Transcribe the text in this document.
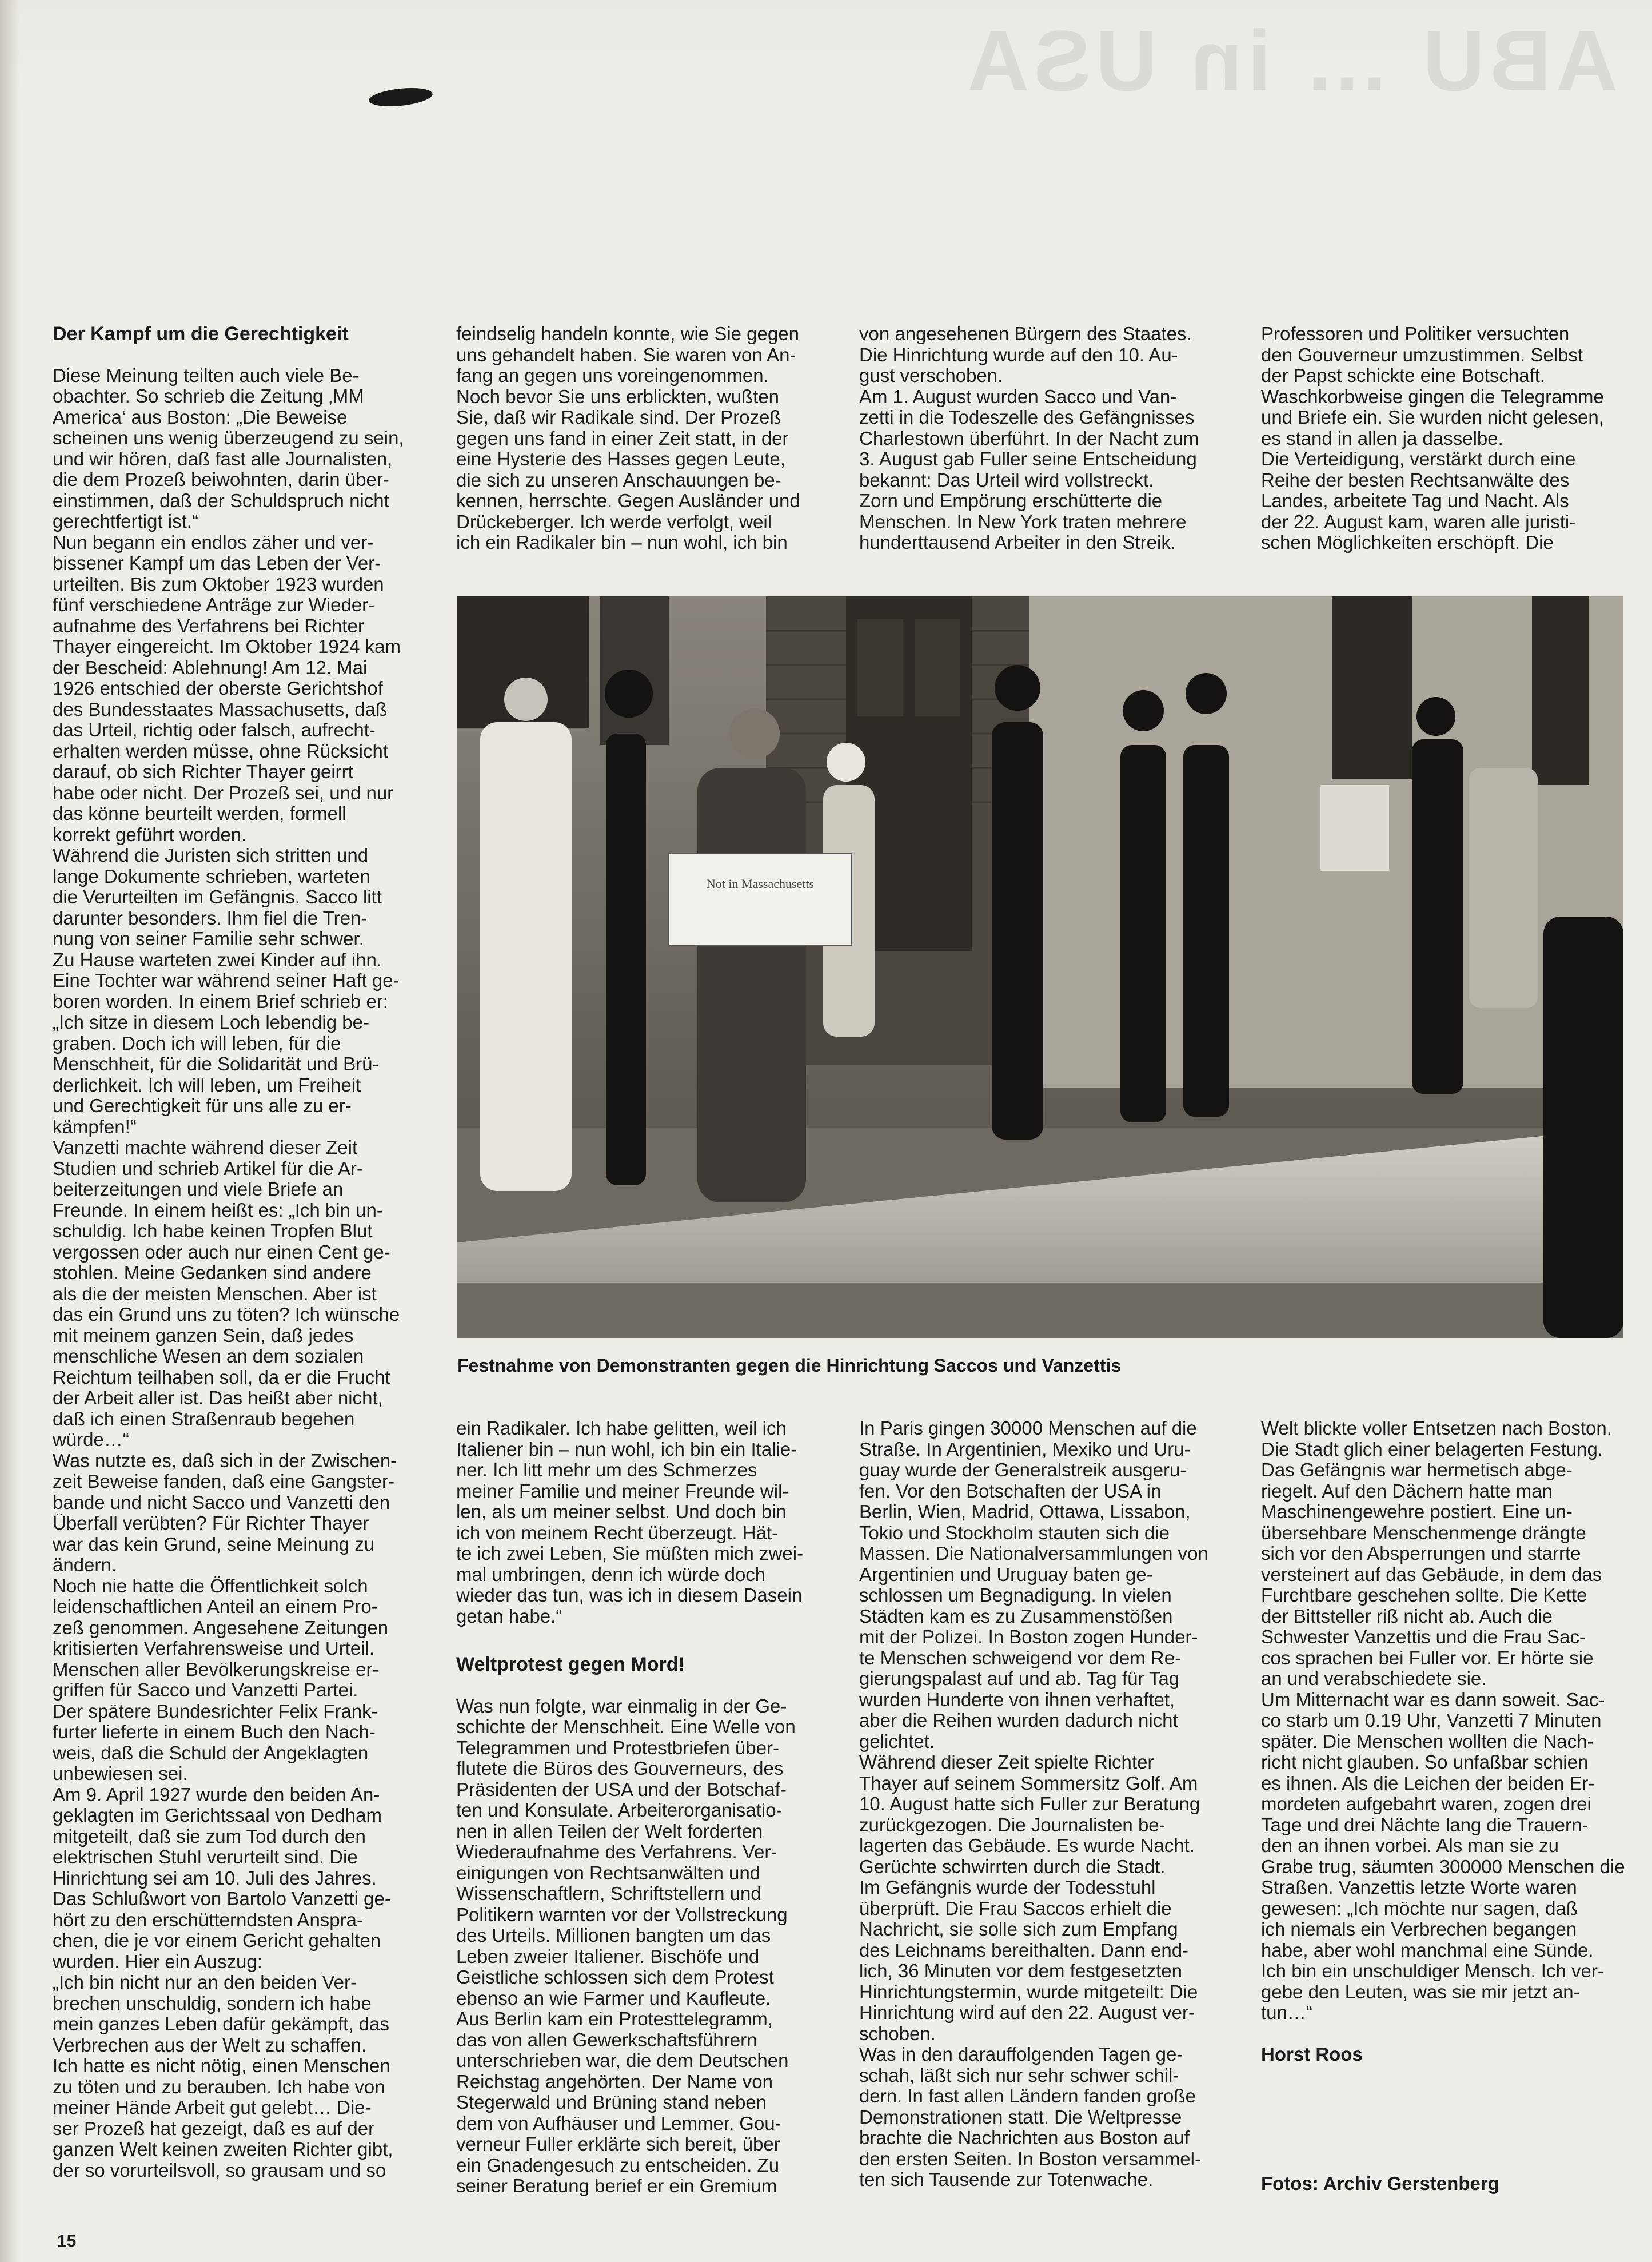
ABU … in USA
Der Kampf um die Gerechtigkeit

Diese Meinung teilten auch viele Be-
obachter. So schrieb die Zeitung ‚MM
America‘ aus Boston: „Die Beweise
scheinen uns wenig überzeugend zu sein,
und wir hören, daß fast alle Journalisten,
die dem Prozeß beiwohnten, darin über-
einstimmen, daß der Schuldspruch nicht
gerechtfertigt ist.“
Nun begann ein endlos zäher und ver-
bissener Kampf um das Leben der Ver-
urteilten. Bis zum Oktober 1923 wurden
fünf verschiedene Anträge zur Wieder-
aufnahme des Verfahrens bei Richter
Thayer eingereicht. Im Oktober 1924 kam
der Bescheid: Ablehnung! Am 12. Mai
1926 entschied der oberste Gerichtshof
des Bundesstaates Massachusetts, daß
das Urteil, richtig oder falsch, aufrecht-
erhalten werden müsse, ohne Rücksicht
darauf, ob sich Richter Thayer geirrt
habe oder nicht. Der Prozeß sei, und nur
das könne beurteilt werden, formell
korrekt geführt worden.
Während die Juristen sich stritten und
lange Dokumente schrieben, warteten
die Verurteilten im Gefängnis. Sacco litt
darunter besonders. Ihm fiel die Tren-
nung von seiner Familie sehr schwer.
Zu Hause warteten zwei Kinder auf ihn.
Eine Tochter war während seiner Haft ge-
boren worden. In einem Brief schrieb er:
„Ich sitze in diesem Loch lebendig be-
graben. Doch ich will leben, für die
Menschheit, für die Solidarität und Brü-
derlichkeit. Ich will leben, um Freiheit
und Gerechtigkeit für uns alle zu er-
kämpfen!“
Vanzetti machte während dieser Zeit
Studien und schrieb Artikel für die Ar-
beiterzeitungen und viele Briefe an
Freunde. In einem heißt es: „Ich bin un-
schuldig. Ich habe keinen Tropfen Blut
vergossen oder auch nur einen Cent ge-
stohlen. Meine Gedanken sind andere
als die der meisten Menschen. Aber ist
das ein Grund uns zu töten? Ich wünsche
mit meinem ganzen Sein, daß jedes
menschliche Wesen an dem sozialen
Reichtum teilhaben soll, da er die Frucht
der Arbeit aller ist. Das heißt aber nicht,
daß ich einen Straßenraub begehen
würde…“
Was nutzte es, daß sich in der Zwischen-
zeit Beweise fanden, daß eine Gangster-
bande und nicht Sacco und Vanzetti den
Überfall verübten? Für Richter Thayer
war das kein Grund, seine Meinung zu
ändern.
Noch nie hatte die Öffentlichkeit solch
leidenschaftlichen Anteil an einem Pro-
zeß genommen. Angesehene Zeitungen
kritisierten Verfahrensweise und Urteil.
Menschen aller Bevölkerungskreise er-
griffen für Sacco und Vanzetti Partei.
Der spätere Bundesrichter Felix Frank-
furter lieferte in einem Buch den Nach-
weis, daß die Schuld der Angeklagten
unbewiesen sei.
Am 9. April 1927 wurde den beiden An-
geklagten im Gerichtssaal von Dedham
mitgeteilt, daß sie zum Tod durch den
elektrischen Stuhl verurteilt sind. Die
Hinrichtung sei am 10. Juli des Jahres.
Das Schlußwort von Bartolo Vanzetti ge-
hört zu den erschütterndsten Anspra-
chen, die je vor einem Gericht gehalten
wurden. Hier ein Auszug:
„Ich bin nicht nur an den beiden Ver-
brechen unschuldig, sondern ich habe
mein ganzes Leben dafür gekämpft, das
Verbrechen aus der Welt zu schaffen.
Ich hatte es nicht nötig, einen Menschen
zu töten und zu berauben. Ich habe von
meiner Hände Arbeit gut gelebt… Die-
ser Prozeß hat gezeigt, daß es auf der
ganzen Welt keinen zweiten Richter gibt,
der so vorurteilsvoll, so grausam und so

feindselig handeln konnte, wie Sie gegen
uns gehandelt haben. Sie waren von An-
fang an gegen uns voreingenommen.
Noch bevor Sie uns erblickten, wußten
Sie, daß wir Radikale sind. Der Prozeß
gegen uns fand in einer Zeit statt, in der
eine Hysterie des Hasses gegen Leute,
die sich zu unseren Anschauungen be-
kennen, herrschte. Gegen Ausländer und
Drückeberger. Ich werde verfolgt, weil
ich ein Radikaler bin – nun wohl, ich bin

von angesehenen Bürgern des Staates.
Die Hinrichtung wurde auf den 10. Au-
gust verschoben.
Am 1. August wurden Sacco und Van-
zetti in die Todeszelle des Gefängnisses
Charlestown überführt. In der Nacht zum
3. August gab Fuller seine Entscheidung
bekannt: Das Urteil wird vollstreckt.
Zorn und Empörung erschütterte die
Menschen. In New York traten mehrere
hunderttausend Arbeiter in den Streik.

Professoren und Politiker versuchten
den Gouverneur umzustimmen. Selbst
der Papst schickte eine Botschaft.
Waschkorbweise gingen die Telegramme
und Briefe ein. Sie wurden nicht gelesen,
es stand in allen ja dasselbe.
Die Verteidigung, verstärkt durch eine
Reihe der besten Rechtsanwälte des
Landes, arbeitete Tag und Nacht. Als
der 22. August kam, waren alle juristi-
schen Möglichkeiten erschöpft. Die

Not in Massachusetts
Festnahme von Demonstranten gegen die Hinrichtung Saccos und Vanzettis

ein Radikaler. Ich habe gelitten, weil ich
Italiener bin – nun wohl, ich bin ein Italie-
ner. Ich litt mehr um des Schmerzes
meiner Familie und meiner Freunde wil-
len, als um meiner selbst. Und doch bin
ich von meinem Recht überzeugt. Hät-
te ich zwei Leben, Sie müßten mich zwei-
mal umbringen, denn ich würde doch
wieder das tun, was ich in diesem Dasein
getan habe.“

Weltprotest gegen Mord!

Was nun folgte, war einmalig in der Ge-
schichte der Menschheit. Eine Welle von
Telegrammen und Protestbriefen über-
flutete die Büros des Gouverneurs, des
Präsidenten der USA und der Botschaf-
ten und Konsulate. Arbeiterorganisatio-
nen in allen Teilen der Welt forderten
Wiederaufnahme des Verfahrens. Ver-
einigungen von Rechtsanwälten und
Wissenschaftlern, Schriftstellern und
Politikern warnten vor der Vollstreckung
des Urteils. Millionen bangten um das
Leben zweier Italiener. Bischöfe und
Geistliche schlossen sich dem Protest
ebenso an wie Farmer und Kaufleute.
Aus Berlin kam ein Protesttelegramm,
das von allen Gewerkschaftsführern
unterschrieben war, die dem Deutschen
Reichstag angehörten. Der Name von
Stegerwald und Brüning stand neben
dem von Aufhäuser und Lemmer. Gou-
verneur Fuller erklärte sich bereit, über
ein Gnadengesuch zu entscheiden. Zu
seiner Beratung berief er ein Gremium

In Paris gingen 30000 Menschen auf die
Straße. In Argentinien, Mexiko und Uru-
guay wurde der Generalstreik ausgeru-
fen. Vor den Botschaften der USA in
Berlin, Wien, Madrid, Ottawa, Lissabon,
Tokio und Stockholm stauten sich die
Massen. Die Nationalversammlungen von
Argentinien und Uruguay baten ge-
schlossen um Begnadigung. In vielen
Städten kam es zu Zusammenstößen
mit der Polizei. In Boston zogen Hunder-
te Menschen schweigend vor dem Re-
gierungspalast auf und ab. Tag für Tag
wurden Hunderte von ihnen verhaftet,
aber die Reihen wurden dadurch nicht
gelichtet.
Während dieser Zeit spielte Richter
Thayer auf seinem Sommersitz Golf. Am
10. August hatte sich Fuller zur Beratung
zurückgezogen. Die Journalisten be-
lagerten das Gebäude. Es wurde Nacht.
Gerüchte schwirrten durch die Stadt.
Im Gefängnis wurde der Todesstuhl
überprüft. Die Frau Saccos erhielt die
Nachricht, sie solle sich zum Empfang
des Leichnams bereithalten. Dann end-
lich, 36 Minuten vor dem festgesetzten
Hinrichtungstermin, wurde mitgeteilt: Die
Hinrichtung wird auf den 22. August ver-
schoben.
Was in den darauffolgenden Tagen ge-
schah, läßt sich nur sehr schwer schil-
dern. In fast allen Ländern fanden große
Demonstrationen statt. Die Weltpresse
brachte die Nachrichten aus Boston auf
den ersten Seiten. In Boston versammel-
ten sich Tausende zur Totenwache.

Welt blickte voller Entsetzen nach Boston.
Die Stadt glich einer belagerten Festung.
Das Gefängnis war hermetisch abge-
riegelt. Auf den Dächern hatte man
Maschinengewehre postiert. Eine un-
übersehbare Menschenmenge drängte
sich vor den Absperrungen und starrte
versteinert auf das Gebäude, in dem das
Furchtbare geschehen sollte. Die Kette
der Bittsteller riß nicht ab. Auch die
Schwester Vanzettis und die Frau Sac-
cos sprachen bei Fuller vor. Er hörte sie
an und verabschiedete sie.
Um Mitternacht war es dann soweit. Sac-
co starb um 0.19 Uhr, Vanzetti 7 Minuten
später. Die Menschen wollten die Nach-
richt nicht glauben. So unfaßbar schien
es ihnen. Als die Leichen der beiden Er-
mordeten aufgebahrt waren, zogen drei
Tage und drei Nächte lang die Trauern-
den an ihnen vorbei. Als man sie zu
Grabe trug, säumten 300000 Menschen die
Straßen. Vanzettis letzte Worte waren
gewesen: „Ich möchte nur sagen, daß
ich niemals ein Verbrechen begangen
habe, aber wohl manchmal eine Sünde.
Ich bin ein unschuldiger Mensch. Ich ver-
gebe den Leuten, was sie mir jetzt an-
tun…“

Horst Roos

Fotos: Archiv Gerstenberg

15
